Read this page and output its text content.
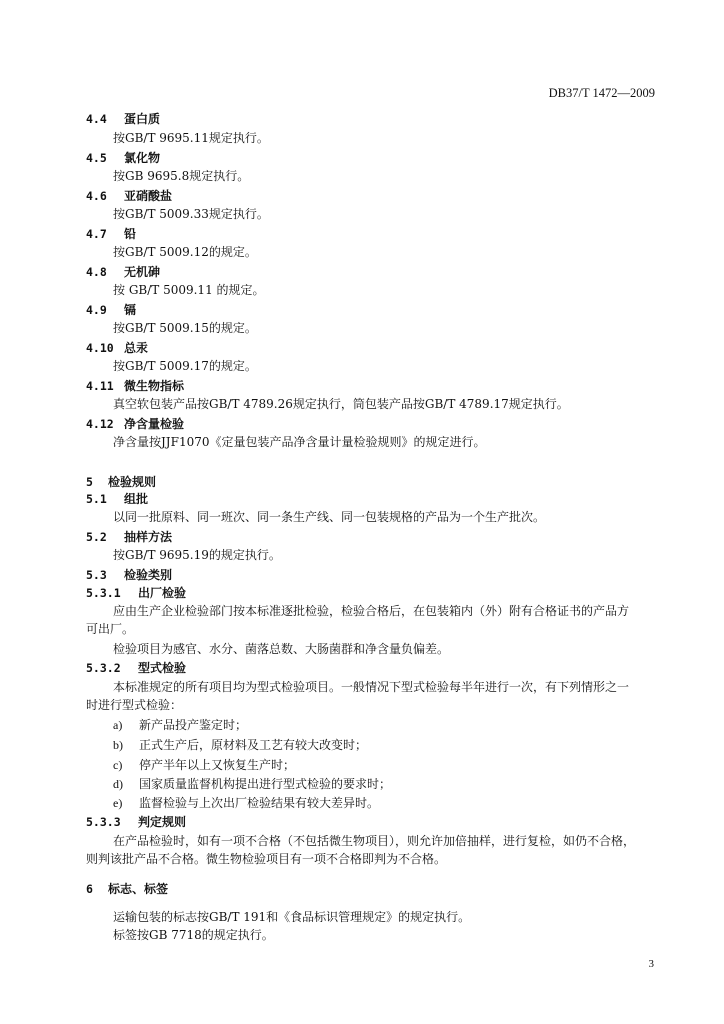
DB37/T 1472—2009
4.4 蛋白质
按GB/T 9695.11规定执行。
4.5 氯化物
按GB 9695.8规定执行。
4.6 亚硝酸盐
按GB/T 5009.33规定执行。
4.7 铅
按GB/T 5009.12的规定。
4.8 无机砷
按 GB/T 5009.11 的规定。
4.9 镉
按GB/T 5009.15的规定。
4.10 总汞
按GB/T 5009.17的规定。
4.11 微生物指标
真空软包装产品按GB/T 4789.26规定执行，筒包装产品按GB/T 4789.17规定执行。
4.12 净含量检验
净含量按JJF1070《定量包装产品净含量计量检验规则》的规定进行。
5 检验规则
5.1 组批
以同一批原料、同一班次、同一条生产线、同一包装规格的产品为一个生产批次。
5.2 抽样方法
按GB/T 9695.19的规定执行。
5.3 检验类别
5.3.1 出厂检验
应由生产企业检验部门按本标准逐批检验，检验合格后，在包装箱内（外）附有合格证书的产品方
可出厂。
检验项目为感官、水分、菌落总数、大肠菌群和净含量负偏差。
5.3.2 型式检验
本标准规定的所有项目均为型式检验项目。一般情况下型式检验每半年进行一次，有下列情形之一
时进行型式检验：
a) 新产品投产鉴定时；
b) 正式生产后，原材料及工艺有较大改变时；
c) 停产半年以上又恢复生产时；
d) 国家质量监督机构提出进行型式检验的要求时；
e) 监督检验与上次出厂检验结果有较大差异时。
5.3.3 判定规则
在产品检验时，如有一项不合格（不包括微生物项目），则允许加倍抽样，进行复检，如仍不合格，
则判该批产品不合格。微生物检验项目有一项不合格即判为不合格。
6 标志、标签
运输包装的标志按GB/T 191和《食品标识管理规定》的规定执行。
标签按GB 7718的规定执行。
3
